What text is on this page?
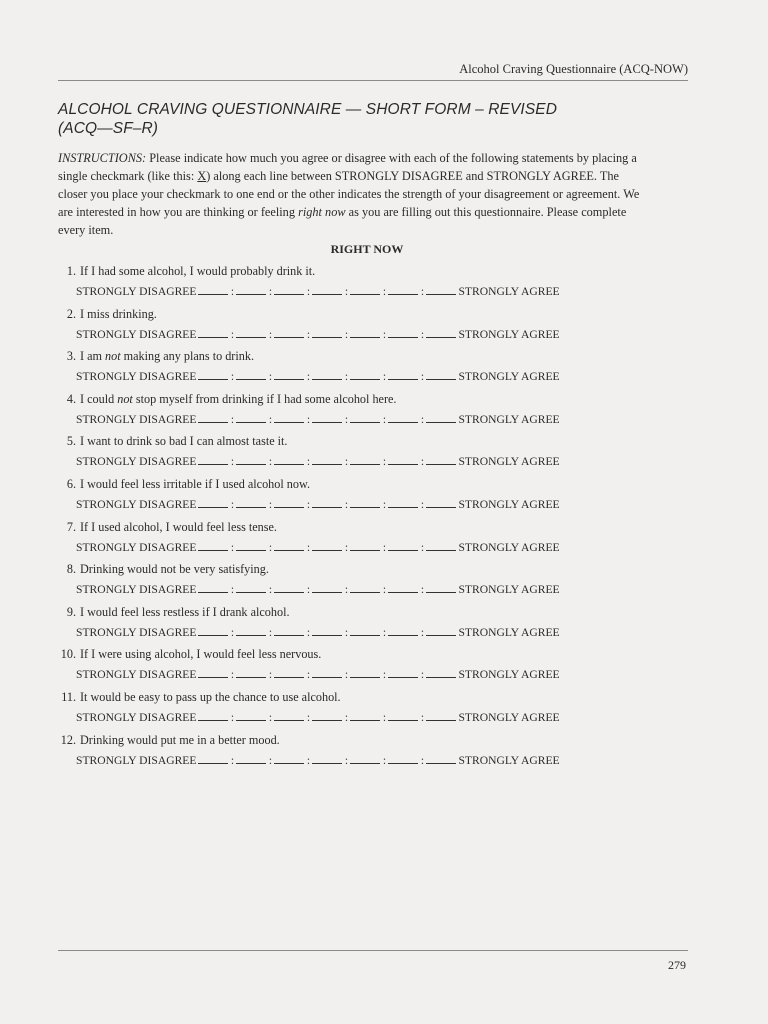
Alcohol Craving Questionnaire (ACQ-NOW)
ALCOHOL CRAVING QUESTIONNAIRE — SHORT FORM – REVISED
(ACQ—SF–R)
INSTRUCTIONS: Please indicate how much you agree or disagree with each of the following statements by placing a single checkmark (like this: X) along each line between STRONGLY DISAGREE and STRONGLY AGREE. The closer you place your checkmark to one end or the other indicates the strength of your disagreement or agreement. We are interested in how you are thinking or feeling right now as you are filling out this questionnaire. Please complete every item.
RIGHT NOW
1. If I had some alcohol, I would probably drink it.
STRONGLY DISAGREE	:	:	:	:	:	:	STRONGLY AGREE
2. I miss drinking.
STRONGLY DISAGREE	:	:	:	:	:	:	STRONGLY AGREE
3. I am not making any plans to drink.
STRONGLY DISAGREE	:	:	:	:	:	:	STRONGLY AGREE
4. I could not stop myself from drinking if I had some alcohol here.
STRONGLY DISAGREE	:	:	:	:	:	:	STRONGLY AGREE
5. I want to drink so bad I can almost taste it.
STRONGLY DISAGREE	:	:	:	:	:	:	STRONGLY AGREE
6. I would feel less irritable if I used alcohol now.
STRONGLY DISAGREE	:	:	:	:	:	:	STRONGLY AGREE
7. If I used alcohol, I would feel less tense.
STRONGLY DISAGREE	:	:	:	:	:	:	STRONGLY AGREE
8. Drinking would not be very satisfying.
STRONGLY DISAGREE	:	:	:	:	:	:	STRONGLY AGREE
9. I would feel less restless if I drank alcohol.
STRONGLY DISAGREE	:	:	:	:	:	:	STRONGLY AGREE
10. If I were using alcohol, I would feel less nervous.
STRONGLY DISAGREE	:	:	:	:	:	:	STRONGLY AGREE
11. It would be easy to pass up the chance to use alcohol.
STRONGLY DISAGREE	:	:	:	:	:	:	STRONGLY AGREE
12. Drinking would put me in a better mood.
STRONGLY DISAGREE	:	:	:	:	:	:	STRONGLY AGREE
279
